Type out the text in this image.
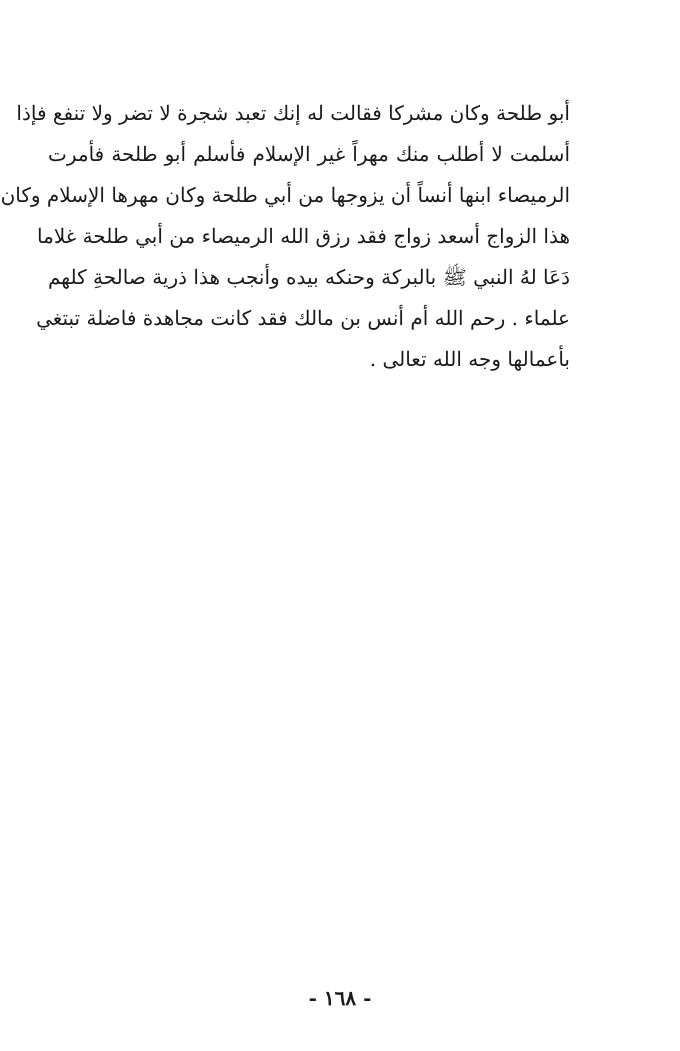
أبو طلحة وكان مشركا فقالت له إنك تعبد شجرة لا تضر ولا تنفع فإذا
أسلمت لا أطلب منك مهراً غير الإسلام فأسلم أبو طلحة فأمرت
الرميصاء ابنها أنساً أن يزوجها من أبي طلحة وكان مهرها الإسلام وكان
هذا الزواج أسعد زواج فقد رزق الله الرميصاء من أبي طلحة غلاما
دَعَا لهُ النبي ﷺ بالبركة وحنكه بيده وأنجب هذا ذرية صالحةِ كلهم
علماء . رحم الله أم أنس بن مالك فقد كانت مجاهدة فاضلة تبتغي
بأعمالها وجه الله تعالى .
- ١٦٨ -
